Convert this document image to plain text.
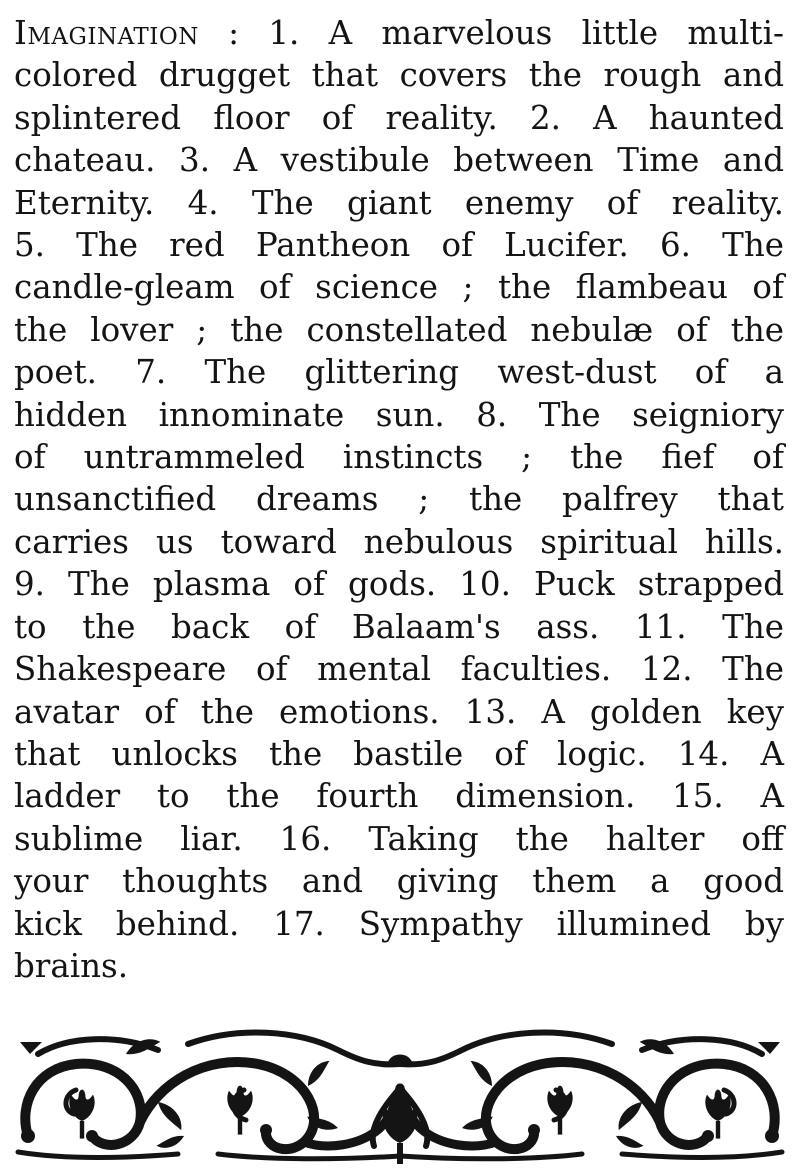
Imagination : 1. A marvelous little multi-
colored drugget that covers the rough and
splintered floor of reality. 2. A haunted
chateau. 3. A vestibule between Time and
Eternity. 4. The giant enemy of reality.
5. The red Pantheon of Lucifer. 6. The
candle-gleam of science ; the flambeau of
the lover ; the constellated nebulæ of the
poet. 7. The glittering west-dust of a
hidden innominate sun. 8. The seigniory
of untrammeled instincts ; the fief of
unsanctified dreams ; the palfrey that
carries us toward nebulous spiritual hills.
9. The plasma of gods. 10. Puck strapped
to the back of Balaam's ass. 11. The
Shakespeare of mental faculties. 12. The
avatar of the emotions. 13. A golden key
that unlocks the bastile of logic. 14. A
ladder to the fourth dimension. 15. A
sublime liar. 16. Taking the halter off
your thoughts and giving them a good
kick behind. 17. Sympathy illumined by
brains.
